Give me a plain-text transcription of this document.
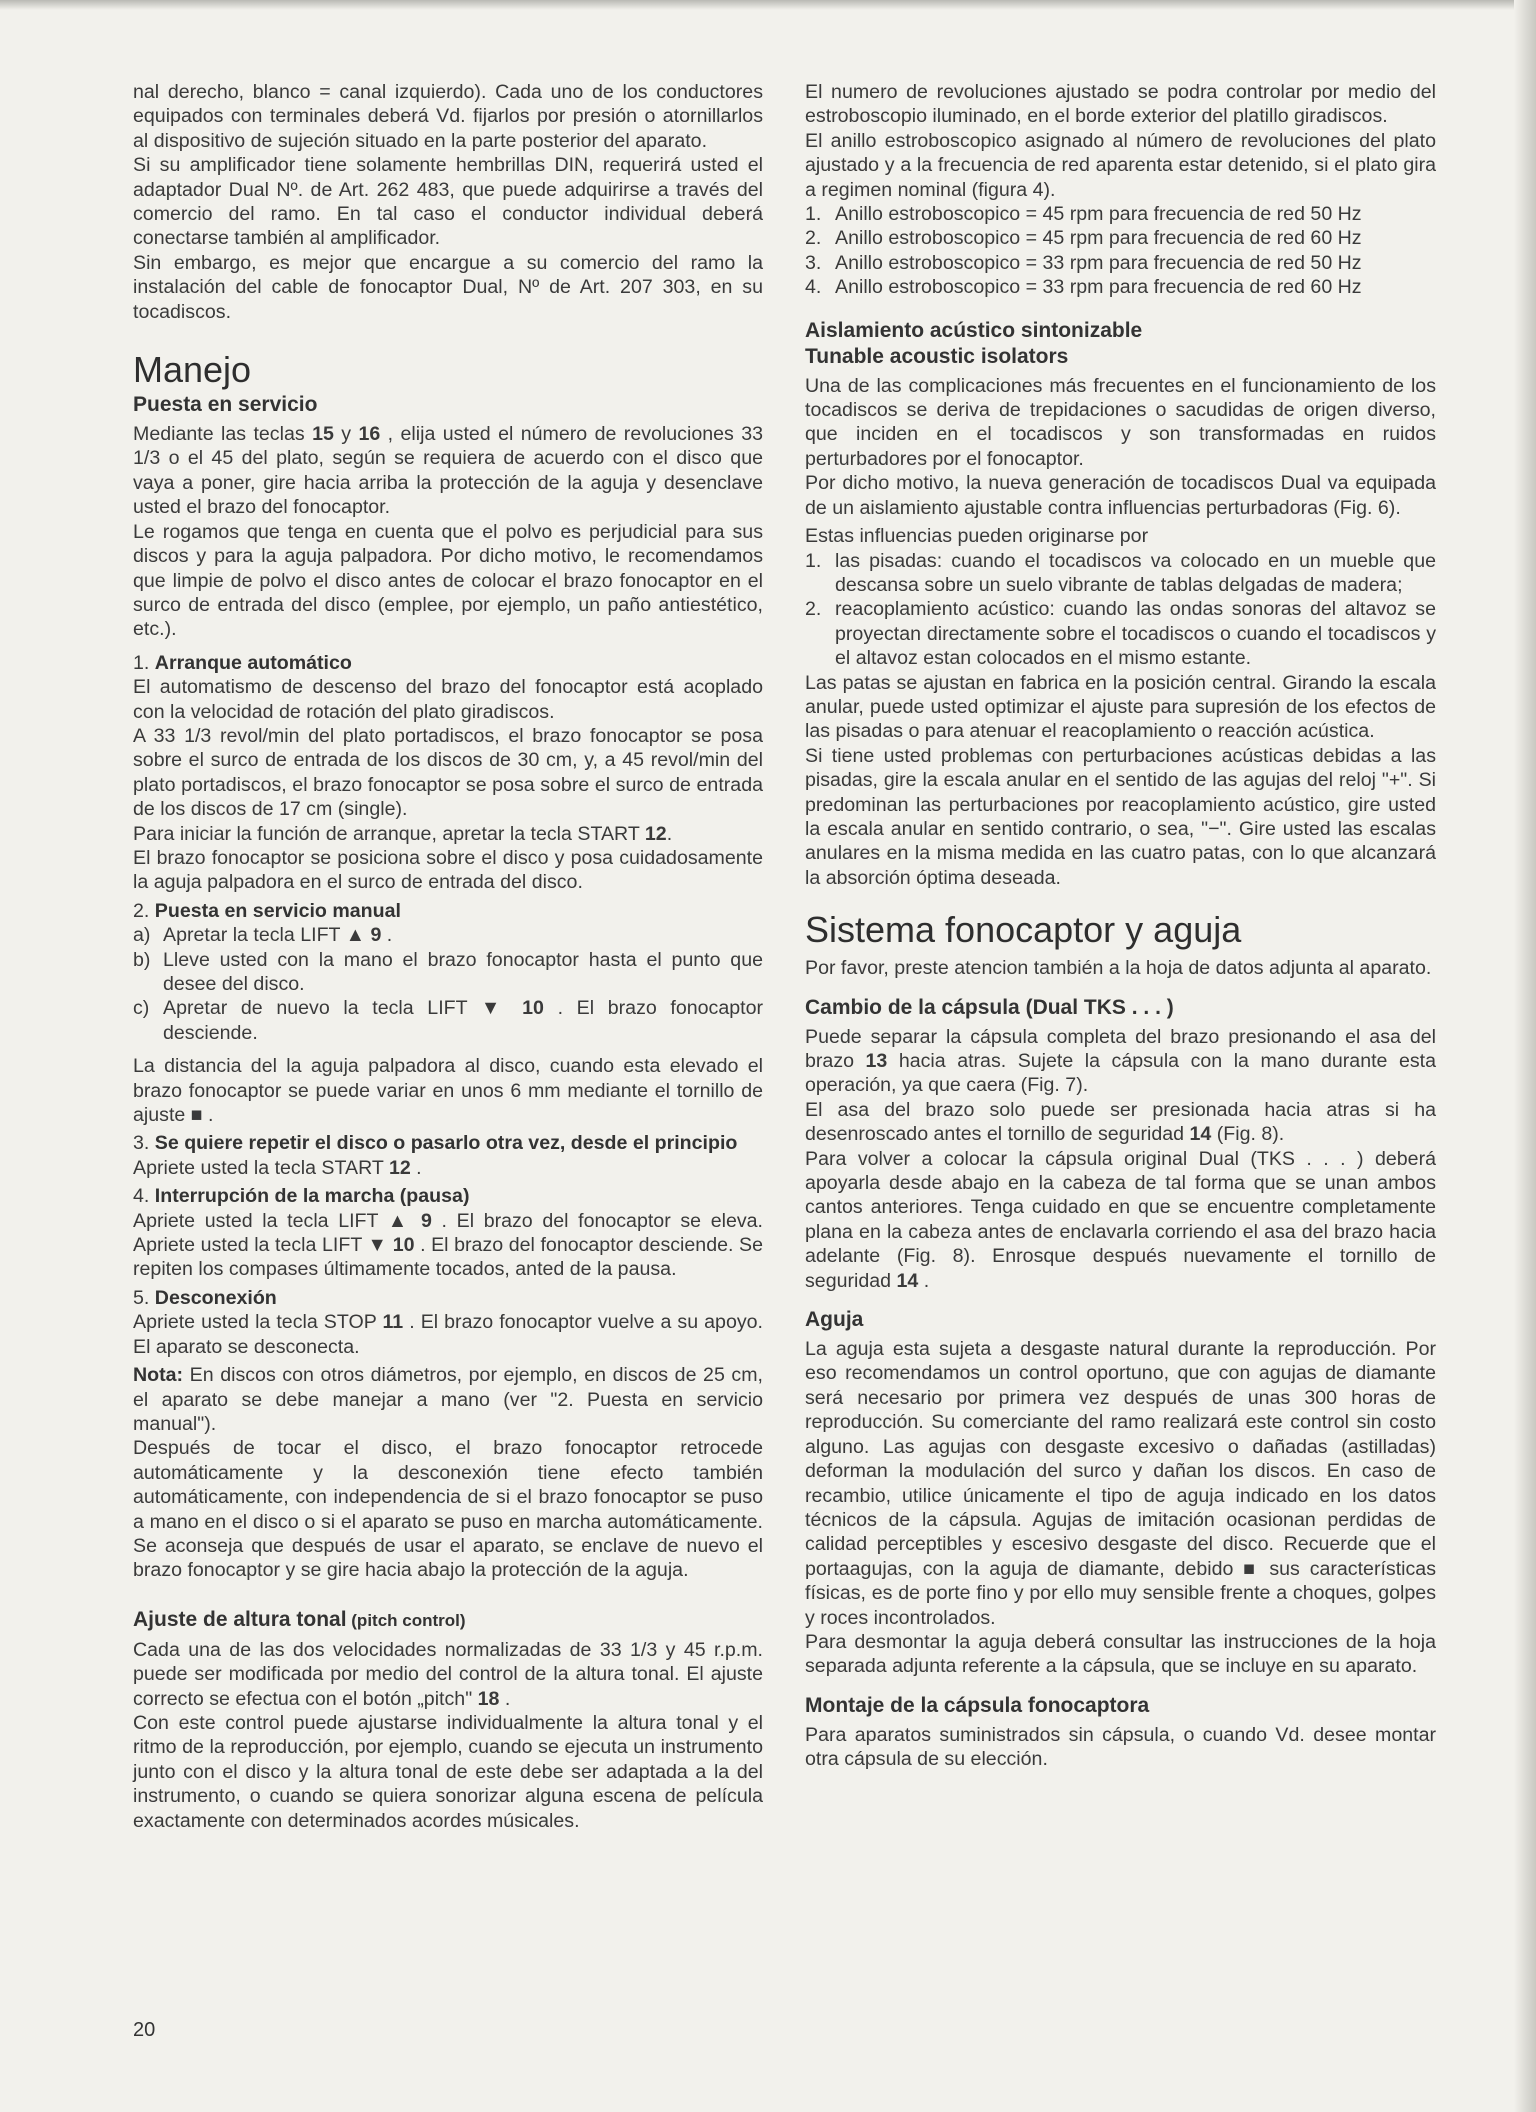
nal derecho, blanco = canal izquierdo). Cada uno de los conductores equipados con terminales deberá Vd. fijarlos por presión o atornillarlos al dispositivo de sujeción situado en la parte posterior del aparato.

Si su amplificador tiene solamente hembrillas DIN, requerirá usted el adaptador Dual Nº. de Art. 262 483, que puede adquirirse a través del comercio del ramo. En tal caso el conductor individual deberá conectarse también al amplificador.

Sin embargo, es mejor que encargue a su comercio del ramo la instalación del cable de fonocaptor Dual, Nº de Art. 207 303, en su tocadiscos.

Manejo
Puesta en servicio

Mediante las teclas 15 y 16 , elija usted el número de revoluciones 33 1/3 o el 45 del plato, según se requiera de acuerdo con el disco que vaya a poner, gire hacia arriba la protección de la aguja y desenclave usted el brazo del fonocaptor.

Le rogamos que tenga en cuenta que el polvo es perjudicial para sus discos y para la aguja palpadora. Por dicho motivo, le recomendamos que limpie de polvo el disco antes de colocar el brazo fonocaptor en el surco de entrada del disco (emplee, por ejemplo, un paño antiestético, etc.).

1. Arranque automático

El automatismo de descenso del brazo del fonocaptor está acoplado con la velocidad de rotación del plato giradiscos.

A 33 1/3 revol/min del plato portadiscos, el brazo fonocaptor se posa sobre el surco de entrada de los discos de 30 cm, y, a 45 revol/min del plato portadiscos, el brazo fonocaptor se posa sobre el surco de entrada de los discos de 17 cm (single).

Para iniciar la función de arranque, apretar la tecla START 12.

El brazo fonocaptor se posiciona sobre el disco y posa cuidadosamente la aguja palpadora en el surco de entrada del disco.

2. Puesta en servicio manual

a) Apretar la tecla LIFT ▲ 9 .
b) Lleve usted con la mano el brazo fonocaptor hasta el punto que desee del disco.
c) Apretar de nuevo la tecla LIFT ▼ 10 . El brazo fonocaptor desciende.

La distancia del la aguja palpadora al disco, cuando esta elevado el brazo fonocaptor se puede variar en unos 6 mm mediante el tornillo de ajuste ■ .

3. Se quiere repetir el disco o pasarlo otra vez, desde el principio

Apriete usted la tecla START 12 .

4. Interrupción de la marcha (pausa)

Apriete usted la tecla LIFT ▲ 9 . El brazo del fonocaptor se eleva. Apriete usted la tecla LIFT ▼ 10 . El brazo del fonocaptor desciende. Se repiten los compases últimamente tocados, anted de la pausa.

5. Desconexión

Apriete usted la tecla STOP 11 . El brazo fonocaptor vuelve a su apoyo. El aparato se desconecta.

Nota: En discos con otros diámetros, por ejemplo, en discos de 25 cm, el aparato se debe manejar a mano (ver "2. Puesta en servicio manual").

Después de tocar el disco, el brazo fonocaptor retrocede automáticamente y la desconexión tiene efecto también automáticamente, con independencia de si el brazo fonocaptor se puso a mano en el disco o si el aparato se puso en marcha automáticamente. Se aconseja que después de usar el aparato, se enclave de nuevo el brazo fonocaptor y se gire hacia abajo la protección de la aguja.

Ajuste de altura tonal (pitch control)

Cada una de las dos velocidades normalizadas de 33 1/3 y 45 r.p.m. puede ser modificada por medio del control de la altura tonal. El ajuste correcto se efectua con el botón „pitch" 18 .

Con este control puede ajustarse individualmente la altura tonal y el ritmo de la reproducción, por ejemplo, cuando se ejecuta un instrumento junto con el disco y la altura tonal de este debe ser adaptada a la del instrumento, o cuando se quiera sonorizar alguna escena de película exactamente con determinados acordes músicales.

El numero de revoluciones ajustado se podra controlar por medio del estroboscopio iluminado, en el borde exterior del platillo giradiscos.

El anillo estroboscopico asignado al número de revoluciones del plato ajustado y a la frecuencia de red aparenta estar detenido, si el plato gira a regimen nominal (figura 4).

1. Anillo estroboscopico = 45 rpm para frecuencia de red 50 Hz
2. Anillo estroboscopico = 45 rpm para frecuencia de red 60 Hz
3. Anillo estroboscopico = 33 rpm para frecuencia de red 50 Hz
4. Anillo estroboscopico = 33 rpm para frecuencia de red 60 Hz
Aislamiento acústico sintonizable
Tunable acoustic isolators

Una de las complicaciones más frecuentes en el funcionamiento de los tocadiscos se deriva de trepidaciones o sacudidas de origen diverso, que inciden en el tocadiscos y son transformadas en ruidos perturbadores por el fonocaptor.

Por dicho motivo, la nueva generación de tocadiscos Dual va equipada de un aislamiento ajustable contra influencias perturbadoras (Fig. 6).

Estas influencias pueden originarse por

1. las pisadas: cuando el tocadiscos va colocado en un mueble que descansa sobre un suelo vibrante de tablas delgadas de madera;
2. reacoplamiento acústico: cuando las ondas sonoras del altavoz se proyectan directamente sobre el tocadiscos o cuando el tocadiscos y el altavoz estan colocados en el mismo estante.

Las patas se ajustan en fabrica en la posición central. Girando la escala anular, puede usted optimizar el ajuste para supresión de los efectos de las pisadas o para atenuar el reacoplamiento o reacción acústica.

Si tiene usted problemas con perturbaciones acústicas debidas a las pisadas, gire la escala anular en el sentido de las agujas del reloj "+". Si predominan las perturbaciones por reacoplamiento acústico, gire usted la escala anular en sentido contrario, o sea, "−". Gire usted las escalas anulares en la misma medida en las cuatro patas, con lo que alcanzará la absorción óptima deseada.

Sistema fonocaptor y aguja

Por favor, preste atencion también a la hoja de datos adjunta al aparato.

Cambio de la cápsula (Dual TKS . . . )

Puede separar la cápsula completa del brazo presionando el asa del brazo 13 hacia atras. Sujete la cápsula con la mano durante esta operación, ya que caera (Fig. 7).

El asa del brazo solo puede ser presionada hacia atras si ha desenroscado antes el tornillo de seguridad 14 (Fig. 8).

Para volver a colocar la cápsula original Dual (TKS . . . ) deberá apoyarla desde abajo en la cabeza de tal forma que se unan ambos cantos anteriores. Tenga cuidado en que se encuentre completamente plana en la cabeza antes de enclavarla corriendo el asa del brazo hacia adelante (Fig. 8). Enrosque después nuevamente el tornillo de seguridad 14 .

Aguja

La aguja esta sujeta a desgaste natural durante la reproducción. Por eso recomendamos un control oportuno, que con agujas de diamante será necesario por primera vez después de unas 300 horas de reproducción. Su comerciante del ramo realizará este control sin costo alguno. Las agujas con desgaste excesivo o dañadas (astilladas) deforman la modulación del surco y dañan los discos. En caso de recambio, utilice únicamente el tipo de aguja indicado en los datos técnicos de la cápsula. Agujas de imitación ocasionan perdidas de calidad perceptibles y escesivo desgaste del disco. Recuerde que el portaagujas, con la aguja de diamante, debido ■ sus características físicas, es de porte fino y por ello muy sensible frente a choques, golpes y roces incontrolados.

Para desmontar la aguja deberá consultar las instrucciones de la hoja separada adjunta referente a la cápsula, que se incluye en su aparato.

Montaje de la cápsula fonocaptora

Para aparatos suministrados sin cápsula, o cuando Vd. desee montar otra cápsula de su elección.

20
